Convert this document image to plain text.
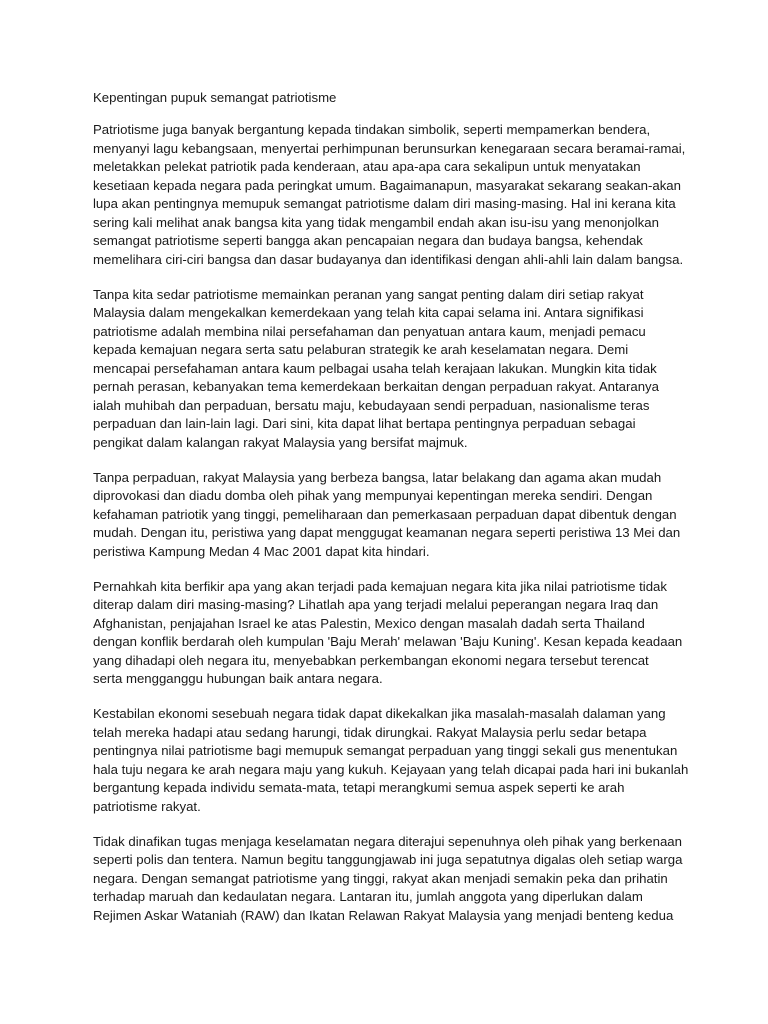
Kepentingan pupuk semangat patriotisme
Patriotisme juga banyak bergantung kepada tindakan simbolik, seperti mempamerkan bendera,
menyanyi lagu kebangsaan, menyertai perhimpunan berunsurkan kenegaraan secara beramai-ramai,
meletakkan pelekat patriotik pada kenderaan, atau apa-apa cara sekalipun untuk menyatakan
kesetiaan kepada negara pada peringkat umum. Bagaimanapun, masyarakat sekarang seakan-akan
lupa akan pentingnya memupuk semangat patriotisme dalam diri masing-masing. Hal ini kerana kita
sering kali melihat anak bangsa kita yang tidak mengambil endah akan isu-isu yang menonjolkan
semangat patriotisme seperti bangga akan pencapaian negara dan budaya bangsa, kehendak
memelihara ciri-ciri bangsa dan dasar budayanya dan identifikasi dengan ahli-ahli lain dalam bangsa.
Tanpa kita sedar patriotisme memainkan peranan yang sangat penting dalam diri setiap rakyat
Malaysia dalam mengekalkan kemerdekaan yang telah kita capai selama ini. Antara signifikasi
patriotisme adalah membina nilai persefahaman dan penyatuan antara kaum, menjadi pemacu
kepada kemajuan negara serta satu pelaburan strategik ke arah keselamatan negara. Demi
mencapai persefahaman antara kaum pelbagai usaha telah kerajaan lakukan. Mungkin kita tidak
pernah perasan, kebanyakan tema kemerdekaan berkaitan dengan perpaduan rakyat. Antaranya
ialah muhibah dan perpaduan, bersatu maju, kebudayaan sendi perpaduan, nasionalisme teras
perpaduan dan lain-lain lagi. Dari sini, kita dapat lihat bertapa pentingnya perpaduan sebagai
pengikat dalam kalangan rakyat Malaysia yang bersifat majmuk.
Tanpa perpaduan, rakyat Malaysia yang berbeza bangsa, latar belakang dan agama akan mudah
diprovokasi dan diadu domba oleh pihak yang mempunyai kepentingan mereka sendiri. Dengan
kefahaman patriotik yang tinggi, pemeliharaan dan pemerkasaan perpaduan dapat dibentuk dengan
mudah. Dengan itu, peristiwa yang dapat menggugat keamanan negara seperti peristiwa 13 Mei dan
peristiwa Kampung Medan 4 Mac 2001 dapat kita hindari.
Pernahkah kita berfikir apa yang akan terjadi pada kemajuan negara kita jika nilai patriotisme tidak
diterap dalam diri masing-masing? Lihatlah apa yang terjadi melalui peperangan negara Iraq dan
Afghanistan, penjajahan Israel ke atas Palestin, Mexico dengan masalah dadah serta Thailand
dengan konflik berdarah oleh kumpulan 'Baju Merah' melawan 'Baju Kuning'. Kesan kepada keadaan
yang dihadapi oleh negara itu, menyebabkan perkembangan ekonomi negara tersebut terencat
serta mengganggu hubungan baik antara negara.
Kestabilan ekonomi sesebuah negara tidak dapat dikekalkan jika masalah-masalah dalaman yang
telah mereka hadapi atau sedang harungi, tidak dirungkai. Rakyat Malaysia perlu sedar betapa
pentingnya nilai patriotisme bagi memupuk semangat perpaduan yang tinggi sekali gus menentukan
hala tuju negara ke arah negara maju yang kukuh. Kejayaan yang telah dicapai pada hari ini bukanlah
bergantung kepada individu semata-mata, tetapi merangkumi semua aspek seperti ke arah
patriotisme rakyat.
Tidak dinafikan tugas menjaga keselamatan negara diterajui sepenuhnya oleh pihak yang berkenaan
seperti polis dan tentera. Namun begitu tanggungjawab ini juga sepatutnya digalas oleh setiap warga
negara. Dengan semangat patriotisme yang tinggi, rakyat akan menjadi semakin peka dan prihatin
terhadap maruah dan kedaulatan negara. Lantaran itu, jumlah anggota yang diperlukan dalam
Rejimen Askar Wataniah (RAW) dan Ikatan Relawan Rakyat Malaysia yang menjadi benteng kedua
